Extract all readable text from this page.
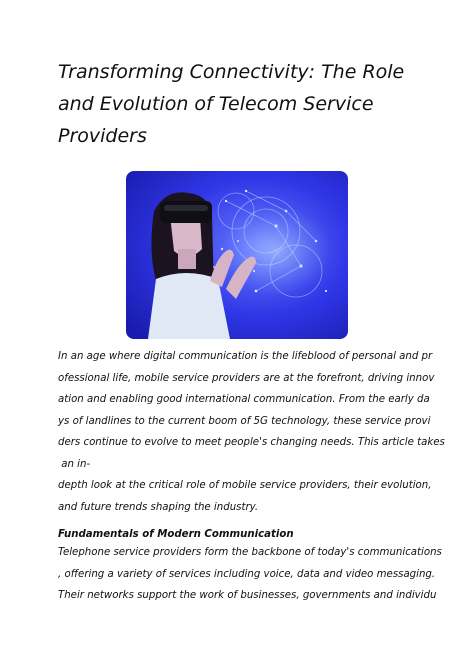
Transforming Connectivity: The Role
and Evolution of Telecom Service
Providers
In an age where digital communication is the lifeblood of personal and pr
ofessional life, mobile service providers are at the forefront, driving innov
ation and enabling good international communication. From the early da
ys of landlines to the current boom of 5G technology, these service provi
ders continue to evolve to meet people's changing needs. This article takes
an in-
depth look at the critical role of mobile service providers, their evolution,
and future trends shaping the industry.
Fundamentals of Modern Communication
Telephone service providers form the backbone of today's communications
, offering a variety of services including voice, data and video messaging.
Their networks support the work of businesses, governments and individu
